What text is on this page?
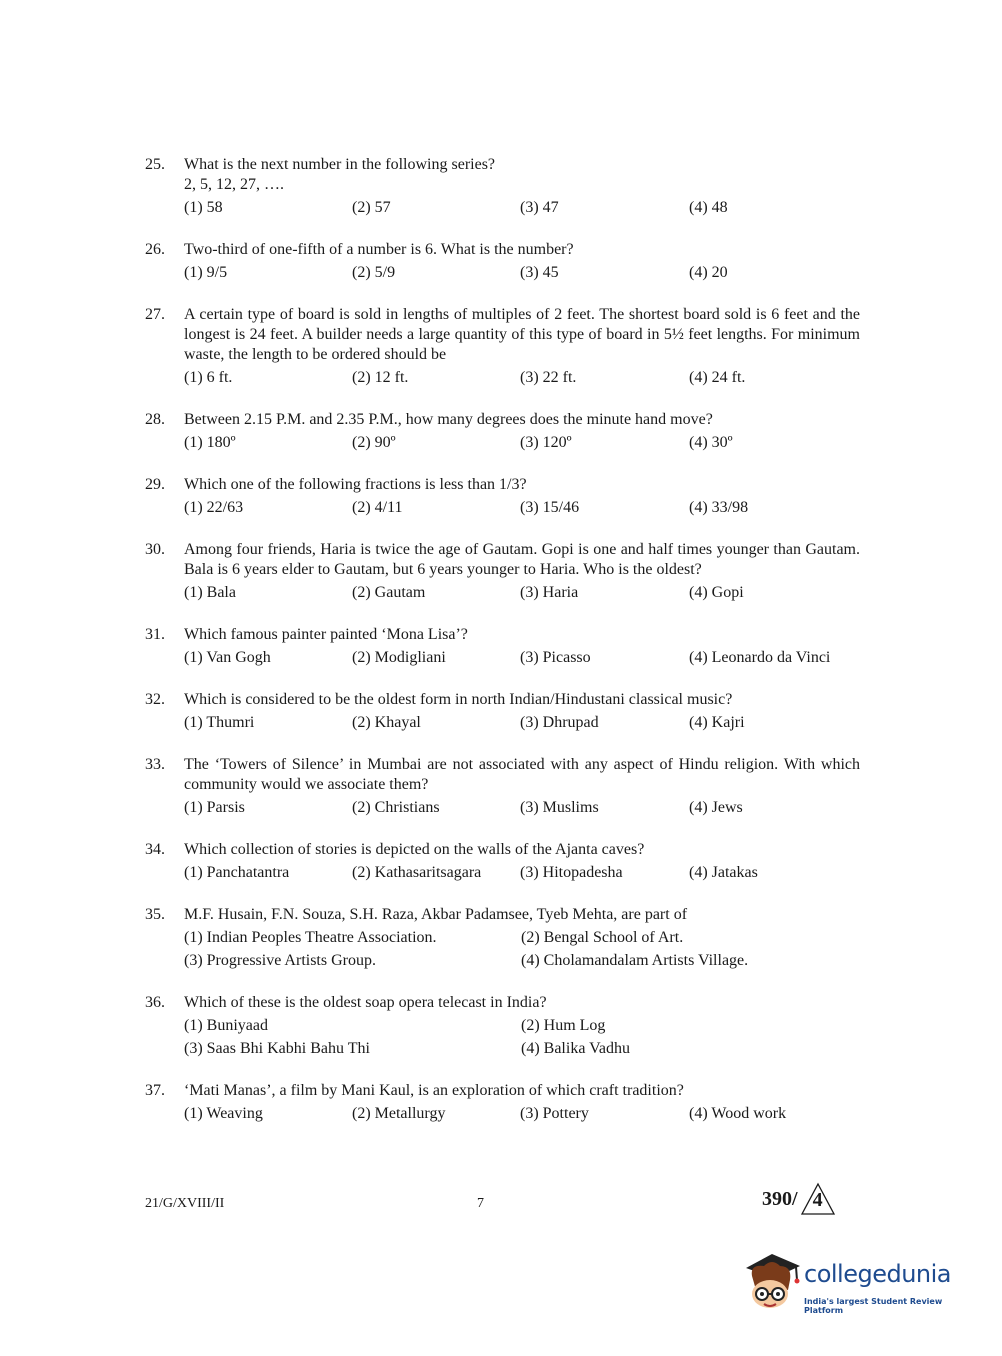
25.	What is the next number in the following series?
2, 5, 12, 27, ….
(1) 58	(2) 57	(3) 47	(4) 48
26.	Two-third of one-fifth of a number is 6. What is the number?
(1) 9/5	(2) 5/9	(3) 45	(4) 20
27.	A certain type of board is sold in lengths of multiples of 2 feet. The shortest board sold is 6 feet and the longest is 24 feet. A builder needs a large quantity of this type of board in 5½ feet lengths. For minimum waste, the length to be ordered should be
(1) 6 ft.	(2) 12 ft.	(3) 22 ft.	(4) 24 ft.
28.	Between 2.15 P.M. and 2.35 P.M., how many degrees does the minute hand move?
(1) 180º	(2) 90º	(3) 120º	(4) 30º
29.	Which one of the following fractions is less than 1/3?
(1) 22/63	(2) 4/11	(3) 15/46	(4) 33/98
30.	Among four friends, Haria is twice the age of Gautam. Gopi is one and half times younger than Gautam. Bala is 6 years elder to Gautam, but 6 years younger to Haria. Who is the oldest?
(1) Bala	(2) Gautam	(3) Haria	(4) Gopi
31.	Which famous painter painted ‘Mona Lisa’?
(1) Van Gogh	(2) Modigliani	(3) Picasso	(4) Leonardo da Vinci
32.	Which is considered to be the oldest form in north Indian/Hindustani classical music?
(1) Thumri	(2) Khayal	(3) Dhrupad	(4) Kajri
33.	The ‘Towers of Silence’ in Mumbai are not associated with any aspect of Hindu religion. With which community would we associate them?
(1) Parsis	(2) Christians	(3) Muslims	(4) Jews
34.	Which collection of stories is depicted on the walls of the Ajanta caves?
(1) Panchatantra	(2) Kathasaritsagara	(3) Hitopadesha	(4) Jatakas
35.	M.F. Husain, F.N. Souza, S.H. Raza, Akbar Padamsee, Tyeb Mehta, are part of
(1) Indian Peoples Theatre Association.	(2) Bengal School of Art.
(3) Progressive Artists Group.	(4) Cholamandalam Artists Village.
36.	Which of these is the oldest soap opera telecast in India?
(1) Buniyaad	(2) Hum Log
(3) Saas Bhi Kabhi Bahu Thi	(4) Balika Vadhu
37.	‘Mati Manas’, a film by Mani Kaul, is an exploration of which craft tradition?
(1) Weaving	(2) Metallurgy	(3) Pottery	(4) Wood work
21/G/XVIII/II	7	390/ 4
collegedunia
India's largest Student Review Platform
